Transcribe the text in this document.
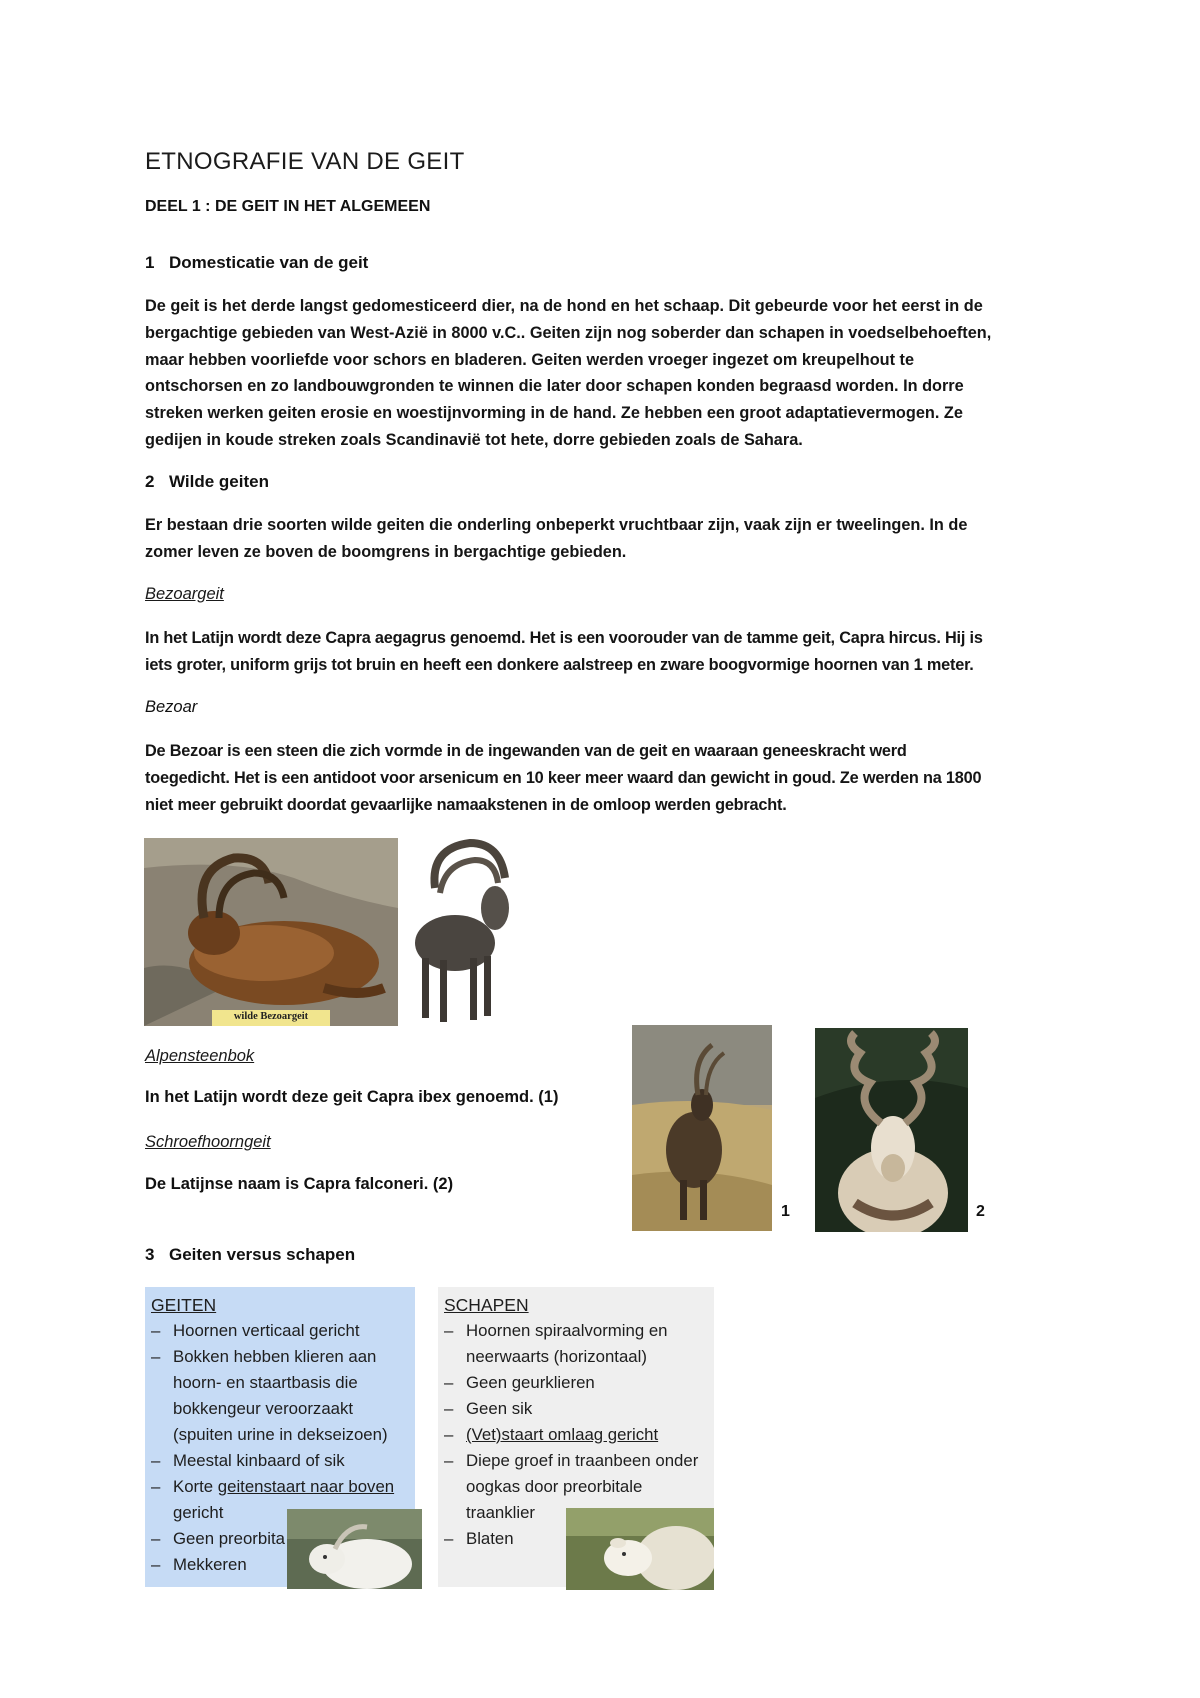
ETNOGRAFIE VAN DE GEIT
DEEL 1 : DE GEIT IN HET ALGEMEEN
1 Domesticatie van de geit
De geit is het derde langst gedomesticeerd dier, na de hond en het schaap. Dit gebeurde voor het eerst in de
bergachtige gebieden van West-Azië in 8000 v.C.. Geiten zijn nog soberder dan schapen in voedselbehoeften,
maar hebben voorliefde voor schors en bladeren. Geiten werden vroeger ingezet om kreupelhout te
ontschorsen en zo landbouwgronden te winnen die later door schapen konden begraasd worden. In dorre
streken werken geiten erosie en woestijnvorming in de hand. Ze hebben een groot adaptatievermogen. Ze
gedijen in koude streken zoals Scandinavië tot hete, dorre gebieden zoals de Sahara.
2 Wilde geiten
Er bestaan drie soorten wilde geiten die onderling onbeperkt vruchtbaar zijn, vaak zijn er tweelingen. In de
zomer leven ze boven de boomgrens in bergachtige gebieden.
Bezoargeit
In het Latijn wordt deze Capra aegagrus genoemd. Het is een voorouder van de tamme geit, Capra hircus. Hij is
iets groter, uniform grijs tot bruin en heeft een donkere aalstreep en zware boogvormige hoornen van 1 meter.
Bezoar
De Bezoar is een steen die zich vormde in de ingewanden van de geit en waaraan geneeskracht werd
toegedicht. Het is een antidoot voor arsenicum en 10 keer meer waard dan gewicht in goud. Ze werden na 1800
niet meer gebruikt doordat gevaarlijke namaakstenen in de omloop werden gebracht.
wilde Bezoargeit
1	2
Alpensteenbok
In het Latijn wordt deze geit Capra ibex genoemd. (1)
Schroefhoorngeit
De Latijnse naam is Capra falconeri. (2)
3 Geiten versus schapen
GEITEN
– Hoornen verticaal gericht
– Bokken hebben klieren aan hoorn- en staartbasis die bokkengeur veroorzaakt (spuiten urine in dekseizoen)
– Meestal kinbaard of sik
– Korte geitenstaart naar boven gericht
– Geen preorbita
– Mekkeren
SCHAPEN
– Hoornen spiraalvorming en neerwaarts (horizontaal)
– Geen geurklieren
– Geen sik
– (Vet)staart omlaag gericht
– Diepe groef in traanbeen onder oogkas door preorbitale traanklier
– Blaten
